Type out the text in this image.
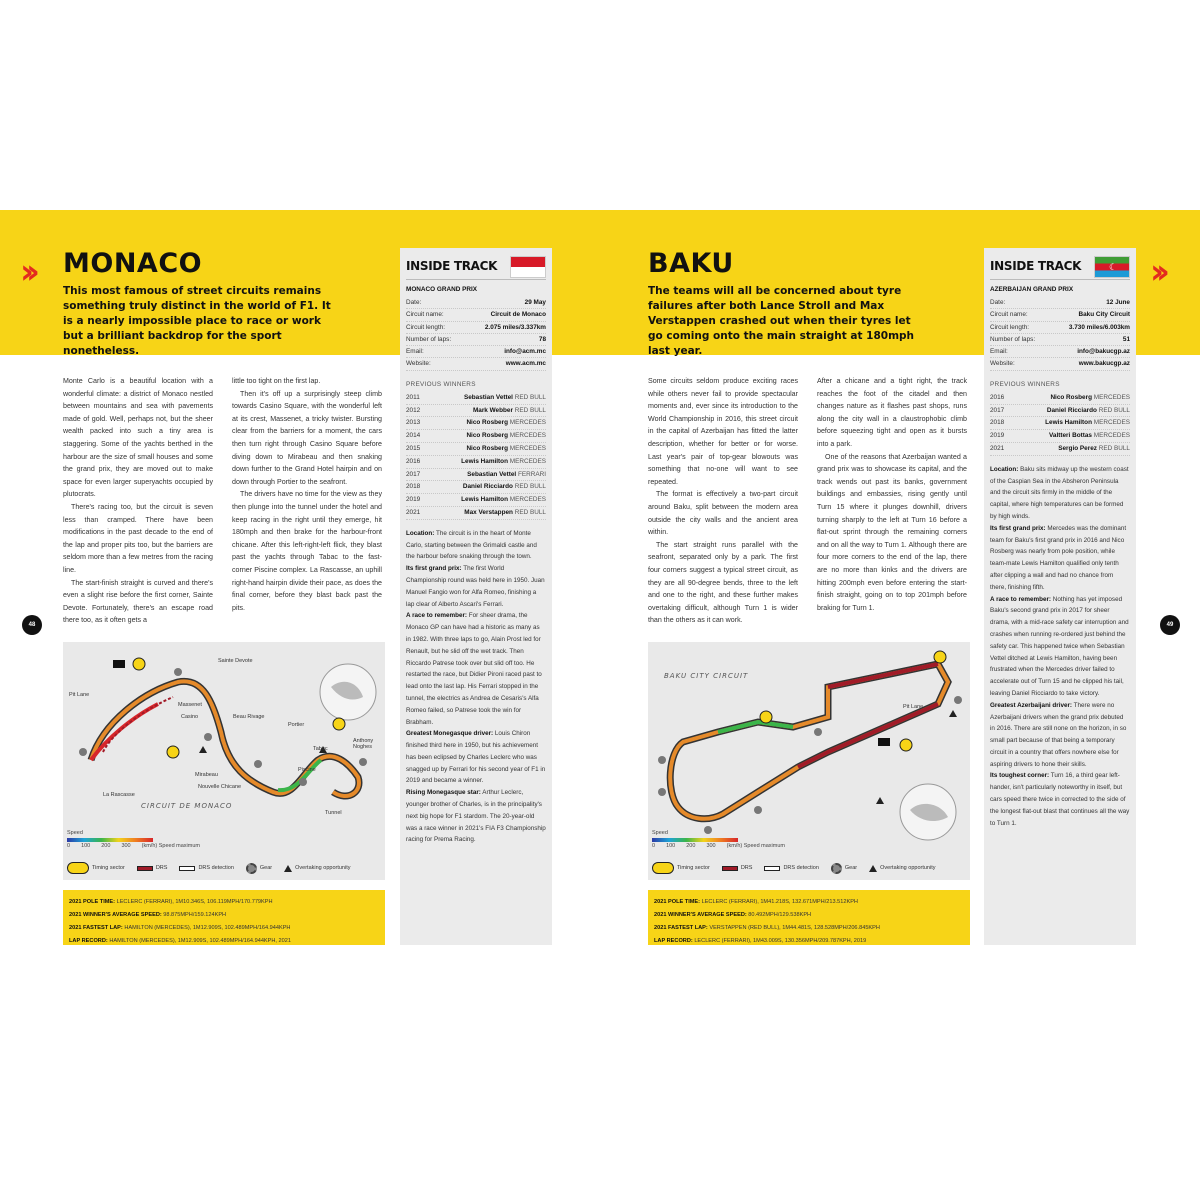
›› MONACO
This most famous of street circuits remains something truly distinct in the world of F1. It is a nearly impossible place to race or work but a brilliant backdrop for the sport nonetheless.

Monte Carlo is a beautiful location with a wonderful climate: a district of Monaco nestled between mountains and sea with pavements made of gold. Well, perhaps not, but the sheer wealth packed into such a tiny area is staggering. Some of the yachts berthed in the harbour are the size of small houses and some the grand prix, they are moved out to make space for even larger superyachts occupied by plutocrats.

There's racing too, but the circuit is seven less than cramped. There have been modifications in the past decade to the end of the lap and proper pits too, but the barriers are seldom more than a few metres from the racing line.

The start-finish straight is curved and there's even a slight rise before the first corner, Sainte Devote. Fortunately, there's an escape road there too, as it often gets a

little too tight on the first lap.

Then it's off up a surprisingly steep climb towards Casino Square, with the wonderful left at its crest, Massenet, a tricky twister. Bursting clear from the barriers for a moment, the cars then turn right through Casino Square before diving down to Mirabeau and then snaking down further to the Grand Hotel hairpin and on down through Portier to the seafront.

The drivers have no time for the view as they then plunge into the tunnel under the hotel and keep racing in the right until they emerge, hit 180mph and then brake for the harbour-front chicane. After this left-right-left flick, they blast past the yachts through Tabac to the fast-corner Piscine complex. La Rascasse, an uphill right-hand hairpin divide their pace, as does the final corner, before they blast back past the pits.

48
INSIDE TRACK
MONACO GRAND PRIX
Date:	29 May
Circuit name:	Circuit de Monaco
Circuit length:	2.075 miles/3.337km
Number of laps:	78
Email:	info@acm.mc
Website:	www.acm.mc
PREVIOUS WINNERS
2011	Sebastian Vettel RED BULL
2012	Mark Webber RED BULL
2013	Nico Rosberg MERCEDES
2014	Nico Rosberg MERCEDES
2015	Nico Rosberg MERCEDES
2016	Lewis Hamilton MERCEDES
2017	Sebastian Vettel FERRARI
2018	Daniel Ricciardo RED BULL
2019	Lewis Hamilton MERCEDES
2021	Max Verstappen RED BULL

Location: The circuit is in the heart of Monte Carlo, starting between the Grimaldi castle and the harbour before snaking through the town.

Its first grand prix: The first World Championship round was held here in 1950. Juan Manuel Fangio won for Alfa Romeo, finishing a lap clear of Alberto Ascari's Ferrari.

A race to remember: For sheer drama, the Monaco GP can have had a historic as many as in 1982. With three laps to go, Alain Prost led for Renault, but he slid off the wet track. Then Riccardo Patrese took over but slid off too. He restarted the race, but Didier Pironi raced past to lead onto the last lap. His Ferrari stopped in the tunnel, the electrics as Andrea de Cesaris's Alfa Romeo failed, so Patrese took the win for Brabham.

Greatest Monegasque driver: Louis Chiron finished third here in 1950, but his achievement has been eclipsed by Charles Leclerc who was snagged up by Ferrari for his second year of F1 in 2019 and became a winner.

Rising Monegasque star: Arthur Leclerc, younger brother of Charles, is in the principality's next big hope for F1 stardom. The 20-year-old was a race winner in 2021's FIA F3 Championship racing for Prema Racing.

CIRCUIT DE MONACO
Sainte Devote
Massenet
Casino
Mirabeau
Beau Rivage
Portier
Nouvelle Chicane
Tabac
Piscine
La Rascasse
Anthony Noghes
Tunnel
Pit Lane
Speed
0 100 200 300 (km/h) Speed maximum
Timing sector	DRS	DRS detection	Gear	Overtaking opportunity
2021 POLE TIME: LECLERC (FERRARI), 1M10.346S, 106.119MPH/170.779KPH
2021 WINNER'S AVERAGE SPEED: 98.875MPH/159.124KPH
2021 FASTEST LAP: HAMILTON (MERCEDES), 1M12.909S, 102.489MPH/164.944KPH
LAP RECORD: HAMILTON (MERCEDES), 1M12.909S, 102.489MPH/164.944KPH, 2021
BAKU
The teams will all be concerned about tyre failures after both Lance Stroll and Max Verstappen crashed out when their tyres let go coming onto the main straight at 180mph last year.
››

Some circuits seldom produce exciting races while others never fail to provide spectacular moments and, ever since its introduction to the World Championship in 2016, this street circuit in the capital of Azerbaijan has fitted the latter description, whether for better or for worse. Last year's pair of top-gear blowouts was something that no-one will want to see repeated.

The format is effectively a two-part circuit around Baku, split between the modern area outside the city walls and the ancient area within.

The start straight runs parallel with the seafront, separated only by a park. The first four corners suggest a typical street circuit, as they are all 90-degree bends, three to the left and one to the right, and these further makes overtaking difficult, although Turn 1 is wider than the others as it can work.

After a chicane and a tight right, the track reaches the foot of the citadel and then changes nature as it flashes past shops, runs along the city wall in a claustrophobic climb before squeezing tight and open as it bursts into a park.

One of the reasons that Azerbaijan wanted a grand prix was to showcase its capital, and the track wends out past its banks, government buildings and embassies, rising gently until Turn 15 where it plunges downhill, drivers turning sharply to the left at Turn 16 before a flat-out sprint through the remaining corners and on all the way to Turn 1. Although there are four more corners to the end of the lap, there are no more than kinks and the drivers are hitting 200mph even before entering the start-finish straight, going on to top 201mph before braking for Turn 1.

49
INSIDE TRACK
☾
AZERBAIJAN GRAND PRIX
Date:	12 June
Circuit name:	Baku City Circuit
Circuit length:	3.730 miles/6.003km
Number of laps:	51
Email:	info@bakucgp.az
Website:	www.bakucgp.az
PREVIOUS WINNERS
2016	Nico Rosberg MERCEDES
2017	Daniel Ricciardo RED BULL
2018	Lewis Hamilton MERCEDES
2019	Valtteri Bottas MERCEDES
2021	Sergio Perez RED BULL

Location: Baku sits midway up the western coast of the Caspian Sea in the Absheron Peninsula and the circuit sits firmly in the middle of the capital, where high temperatures can be formed by high winds.

Its first grand prix: Mercedes was the dominant team for Baku's first grand prix in 2016 and Nico Rosberg was nearly from pole position, while team-mate Lewis Hamilton qualified only tenth after clipping a wall and had no chance from there, finishing fifth.

A race to remember: Nothing has yet imposed Baku's second grand prix in 2017 for sheer drama, with a mid-race safety car interruption and crashes when running re-ordered just behind the safety car. This happened twice when Sebastian Vettel ditched at Lewis Hamilton, having been frustrated when the Mercedes driver failed to accelerate out of Turn 15 and he clipped his tail, leaving Daniel Ricciardo to take victory.

Greatest Azerbaijani driver: There were no Azerbaijani drivers when the grand prix debuted in 2016. There are still none on the horizon, in so small part because of that being a temporary circuit in a country that offers nowhere else for aspiring drivers to hone their skills.

Its toughest corner: Turn 16, a third gear left-hander, isn't particularly noteworthy in itself, but cars speed there twice in corrected to the side of the longest flat-out blast that continues all the way to Turn 1.

BAKU CITY CIRCUIT
Pit Lane
Speed
0 100 200 300 (km/h) Speed maximum
Timing sector	DRS	DRS detection	Gear	Overtaking opportunity
2021 POLE TIME: LECLERC (FERRARI), 1M41.218S, 132.671MPH/213.512KPH
2021 WINNER'S AVERAGE SPEED: 80.492MPH/129.538KPH
2021 FASTEST LAP: VERSTAPPEN (RED BULL), 1M44.481S, 128.528MPH/206.845KPH
LAP RECORD: LECLERC (FERRARI), 1M43.009S, 130.356MPH/209.787KPH, 2019
